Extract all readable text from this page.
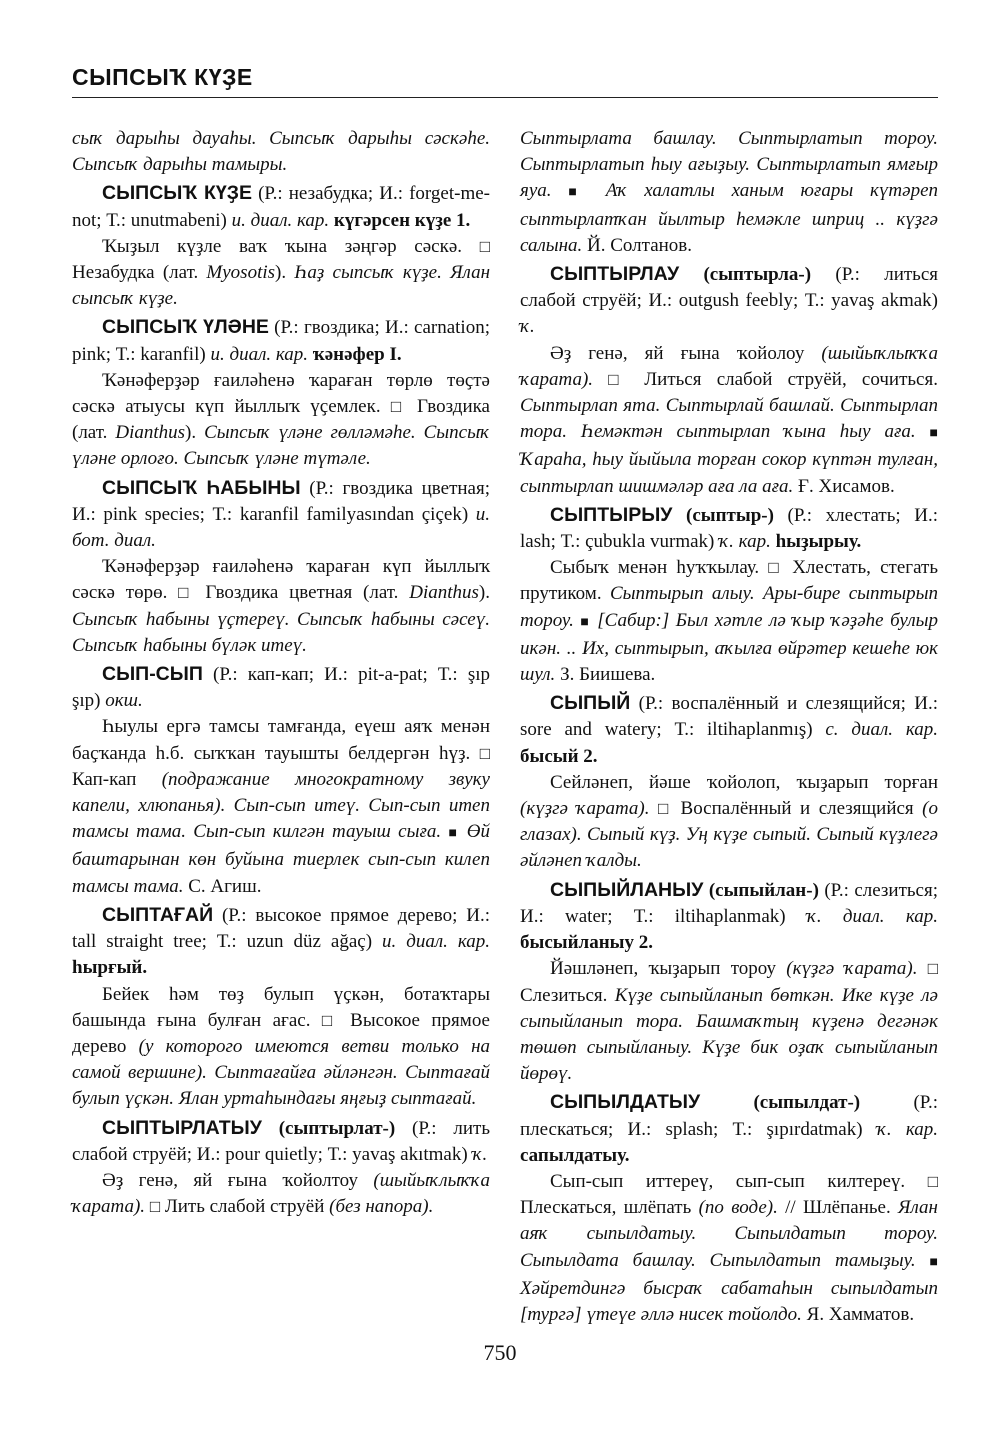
СЫПСЫҠ КҮҘЕ

сыҡ дарыһы дауаһы. Сыпсыҡ дарыһы сәскәһе. Сыпсыҡ дарыһы тамыры.

СЫПСЫҠ КҮҘЕ (Р.: незабудка; И.: forget-me-not; Т.: unutmabeni) и. диал. кар. күгәрсен күҙе 1.

Ҡыҙыл күҙле ваҡ ҡына зәңгәр сәскә. □ Незабудка (лат. Myosotis). Һаҙ сыпсыҡ күҙе. Ялан сыпсыҡ күҙе.

СЫПСЫҠ ҮЛӘНЕ (Р.: гвоздика; И.: carnation; pink; Т.: karanfil) и. диал. кар. ҡәнәфер I.

Ҡәнәферҙәр ғаиләһенә ҡараған төрлө төҫтә сәскә атыусы күп йыллыҡ үҫемлек. □ Гвоздика (лат. Dianthus). Сыпсыҡ үләне гөлләмәһе. Сыпсыҡ үләне орлоғо. Сыпсыҡ үләне түтәле.

СЫПСЫҠ ҺАБЫНЫ (Р.: гвоздика цветная; И.: pink species; Т.: karanfil familyasından çiçek) и. бот. диал.

Ҡәнәферҙәр ғаиләһенә ҡараған күп йыллыҡ сәскә төрө. □ Гвоздика цветная (лат. Dianthus). Сыпсыҡ һабыны үҫтереү. Сыпсыҡ һабыны сәсеү. Сыпсыҡ һабыны бүләк итеү.

СЫП-СЫП (Р.: кап-кап; И.: pit-a-pat; Т.: şıp şıp) окш.

Һыулы ергә тамсы тамғанда, еүеш аяҡ менән баҫҡанда һ.б. сыҡҡан тауышты белдергән һүҙ. □ Кап-кап (подражание многократному звуку капели, хлюпанья). Сып-сып итеү. Сып-сып итеп тамсы тама. Сып-сып килгән тауыш сыға. ■ Өй баштарынан көн буйына тиерлек сып-сып килеп тамсы тама. С. Агиш.

СЫПТАҒАЙ (Р.: высокое прямое дерево; И.: tall straight tree; Т.: uzun düz ağaç) и. диал. кар. һырғый.

Бейек һәм төҙ булып үҫкән, ботаҡтары башында ғына булған ағас. □ Высокое прямое дерево (у которого имеются ветви только на самой вершине). Сыптағайға әйләнгән. Сыптағай булып үҫкән. Ялан уртаһындағы яңғыҙ сыптағай.

СЫПТЫРЛАТЫУ (сыптырлат-) (Р.: лить слабой струёй; И.: pour quietly; Т.: yavaş akıtmak) ҡ.

Әҙ генә, яй ғына ҡойолтоу (шыйыҡлыҡҡа ҡарата). □ Лить слабой струёй (без напора).

Сыптырлата башлау. Сыптырлатып тороу. Сыптырлатып һыу ағыҙыу. Сыптырлатып ямғыр яуа. ■ Аҡ халатлы ханым юғары күтәреп сыптырлатҡан йылтыр һемәкле шприц .. күҙгә салына. Й. Солтанов.

СЫПТЫРЛАУ (сыптырла-) (Р.: литься слабой струёй; И.: outgush feebly; Т.: yavaş akmak) ҡ.

Әҙ генә, яй ғына ҡойолоу (шыйыҡлыҡҡа ҡарата). □ Литься слабой струёй, сочиться. Сыптырлап ята. Сыптырлай башлай. Сыптырлап тора. Һемәктән сыптырлап ҡына һыу аға. ■ Ҡараһа, һыу йыйыла торған сокор күптән тулған, сыптырлап шишмәләр аға ла аға. Ғ. Хисамов.

СЫПТЫРЫУ (сыптыр-) (Р.: хлестать; И.: lash; Т.: çubukla vurmak) ҡ. кар. һыҙырыу.

Сыбыҡ менән һуҡҡылау. □ Хлестать, стегать прутиком. Сыптырып алыу. Ары-бире сыптырып тороу. ■ [Сабир:] Был хәтле лә ҡыр ҡәҙәһе булыр икән. .. Их, сыптырып, аҡылға өйрәтер кешеһе юк шул. З. Биишева.

СЫПЫЙ (Р.: воспалённый и слезящийся; И.: sore and watery; Т.: iltihaplanmış) с. диал. кар. бысый 2.

Сейләнеп, йәше ҡойолоп, ҡыҙарып торған (күҙгә ҡарата). □ Воспалённый и слезящийся (о глазах). Сыпый күҙ. Уң күҙе сыпый. Сыпый күҙлегә әйләнеп ҡалды.

СЫПЫЙЛАНЫУ (сыпыйлан-) (Р.: слезиться; И.: water; Т.: iltihaplanmak) ҡ. диал. кар. бысыйланыу 2.

Йәшләнеп, ҡыҙарып тороу (күҙгә ҡарата). □ Слезиться. Күҙе сыпыйланып бөткән. Ике күҙе лә сыпыйланып тора. Башмаҡтың күҙенә дегәнәк төшөп сыпыйланыу. Күҙе бик оҙаҡ сыпыйланып йөрөү.

СЫПЫЛДАТЫУ	(сыпылдат-) (Р.: плескаться; И.: splash; Т.: şıpırdatmak) ҡ. кар. сапылдатыу.

Сып-сып иттереү, сып-сып килтереү. □ Плескаться, шлёпать (по воде). // Шлёпанье. Ялан аяҡ сыпылдатыу. Сыпылдатып тороу. Сыпылдата башлау. Сыпылдатып тамыҙыу. ■ Хәйретдингә бысраҡ сабатаһын сыпылдатып [тургә] үтеүе әллә нисек тойолдо. Я. Хамматов.

750
